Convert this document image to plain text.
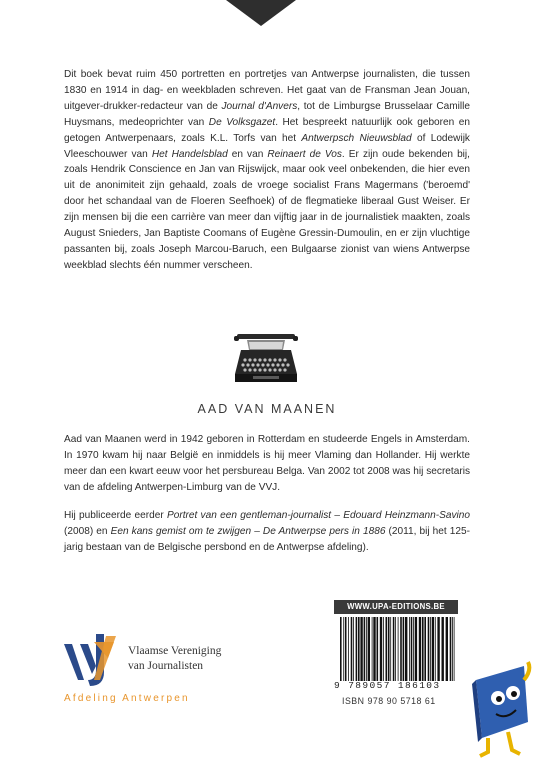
Dit boek bevat ruim 450 portretten en portretjes van Antwerpse journalisten, die tussen 1830 en 1914 in dag- en weekbladen schreven. Het gaat van de Fransman Jean Jouan, uitgever-drukker-redacteur van de Journal d'Anvers, tot de Limburgse Brusselaar Camille Huysmans, medeoprichter van De Volksgazet. Het bespreekt natuurlijk ook geboren en getogen Antwerpenaars, zoals K.L. Torfs van het Antwerpsch Nieuwsblad of Lodewijk Vleeschouwer van Het Handelsblad en van Reinaert de Vos. Er zijn oude bekenden bij, zoals Hendrik Conscience en Jan van Rijswijck, maar ook veel onbekenden, die hier even uit de anonimiteit zijn gehaald, zoals de vroege socialist Frans Magermans ('beroemd' door het schandaal van de Floeren Seefhoek) of de flegmatieke liberaal Gust Weiser. Er zijn mensen bij die een carrière van meer dan vijftig jaar in de journalistiek maakten, zoals August Snieders, Jan Baptiste Coomans of Eugène Gressin-Dumoulin, en er zijn vluchtige passanten bij, zoals Joseph Marcou-Baruch, een Bulgaarse zionist van wiens Antwerpse weekblad slechts één nummer verscheen.

AAD VAN MAANEN

Aad van Maanen werd in 1942 geboren in Rotterdam en studeerde Engels in Amsterdam. In 1970 kwam hij naar België en inmiddels is hij meer Vlaming dan Hollander. Hij werkte meer dan een kwart eeuw voor het persbureau Belga. Van 2002 tot 2008 was hij secretaris van de afdeling Antwerpen-Limburg van de VVJ.

Hij publiceerde eerder Portret van een gentleman-journalist – Edouard Heinzmann-Savino (2008) en Een kans gemist om te zwijgen – De Antwerpse pers in 1886 (2011, bij het 125-jarig bestaan van de Belgische persbond en de Antwerpse afdeling).

Vlaamse Vereniging
van Journalisten
Afdeling Antwerpen
WWW.UPA-EDITIONS.BE
9 789057 186103
ISBN 978 90 5718 61
